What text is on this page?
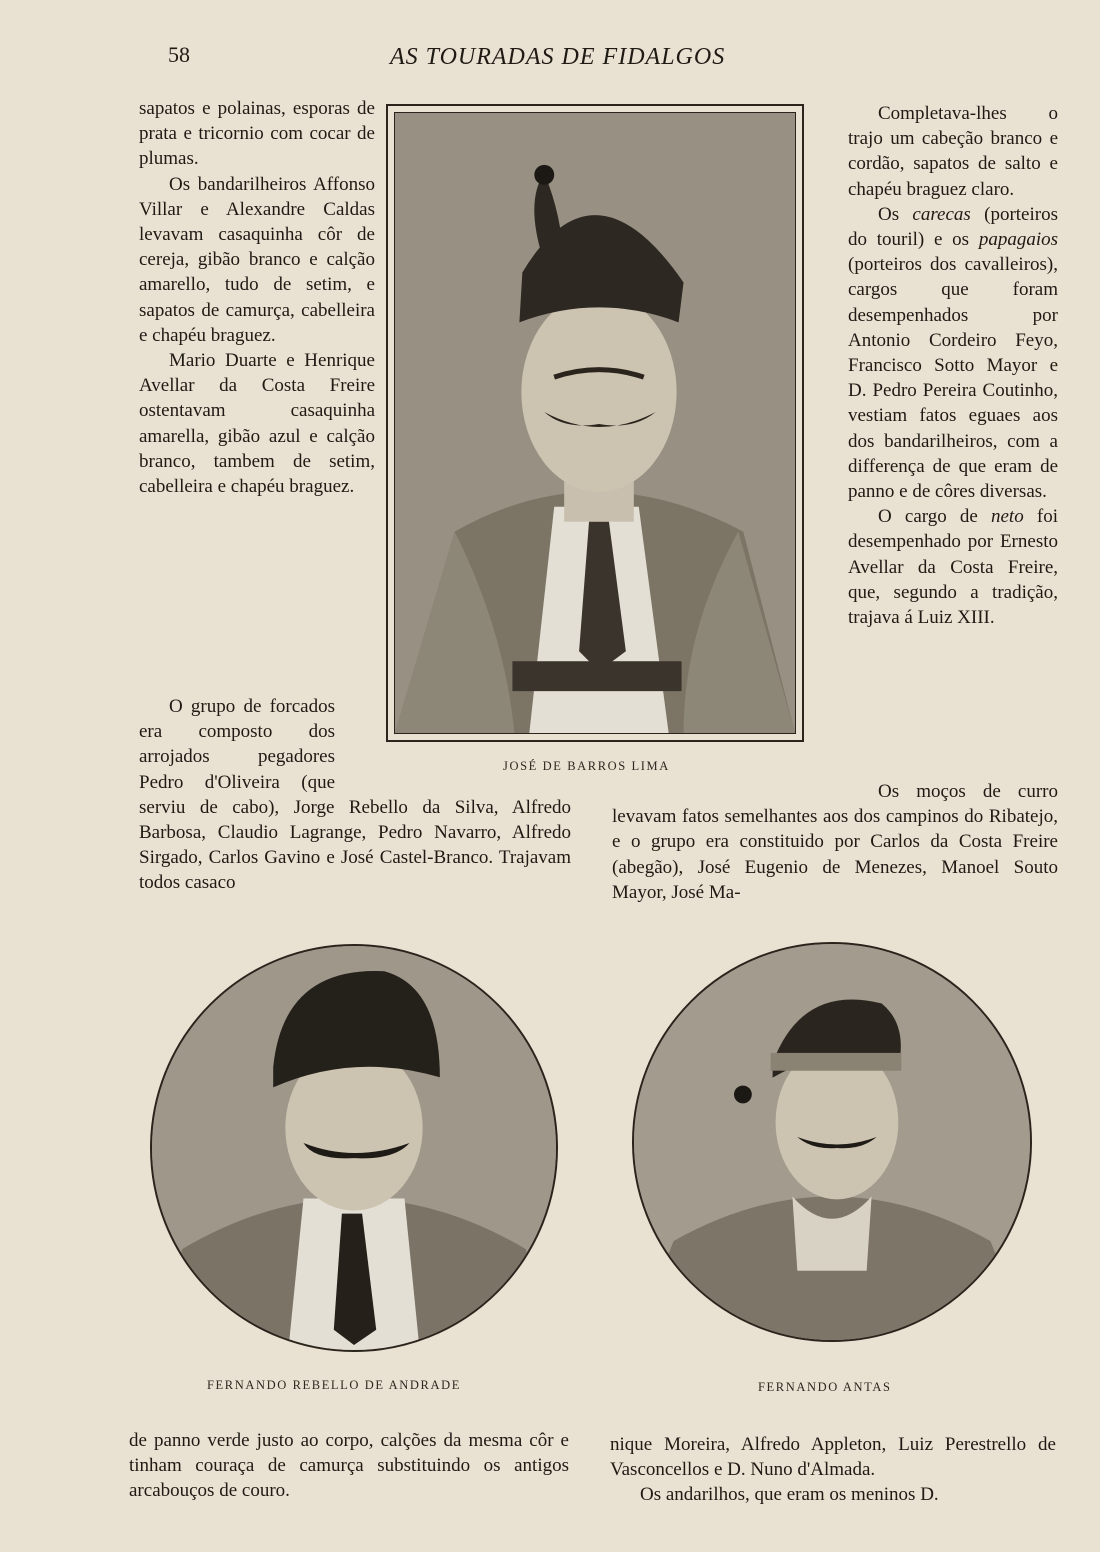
58	AS TOURADAS DE FIDALGOS

sapatos e polainas, esporas de prata e tricornio com cocar de plumas.

Os bandarilheiros Affonso Villar e Alexandre Caldas levavam casaquinha côr de cereja, gibão branco e calção amarello, tudo de setim, e sapatos de camurça, cabelleira e chapéu braguez.

Mario Duarte e Henrique Avellar da Costa Freire ostentavam casaquinha amarella, gibão azul e calção branco, tambem de setim, cabelleira e chapéu braguez.

O grupo de forcados era composto dos arrojados pegadores Pedro d'Oliveira (que serviu de cabo), Jorge Rebello da Silva, Alfredo Barbosa, Claudio Lagrange, Pedro Navarro, Alfredo Sirgado, Carlos Gavino e José Castel-Branco. Trajavam todos casaco

JOSÉ DE BARROS LIMA

Completava-lhes o trajo um cabeção branco e cordão, sapatos de salto e chapéu braguez claro.

Os carecas (porteiros do touril) e os papagaios (porteiros dos cavalleiros), cargos que foram desempenhados por Antonio Cordeiro Feyo, Francisco Sotto Mayor e D. Pedro Pereira Coutinho, vestiam fatos eguaes aos dos bandarilheiros, com a differença de que eram de panno e de côres diversas.

O cargo de neto foi desempenhado por Ernesto Avellar da Costa Freire, que, segundo a tradição, trajava á Luiz XIII.

Os moços de curro levavam fatos semelhantes aos dos campinos do Ribatejo, e o grupo era constituido por Carlos da Costa Freire (abegão), José Eugenio de Menezes, Manoel Souto Mayor, José Ma-

FERNANDO REBELLO DE ANDRADE	FERNANDO ANTAS

de panno verde justo ao corpo, calções da mesma côr e tinham couraça de camurça substituindo os antigos arcabouços de couro.

nique Moreira, Alfredo Appleton, Luiz Perestrello de Vasconcellos e D. Nuno d'Almada.

Os andarilhos, que eram os meninos D.
